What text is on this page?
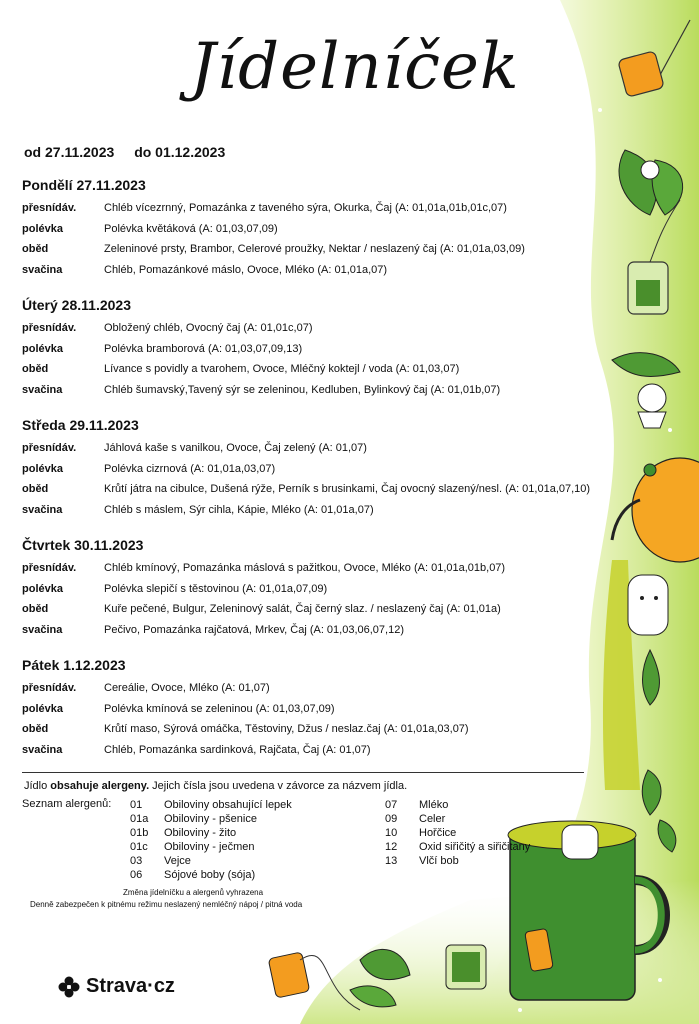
Jídelníček
od 27.11.2023 do 01.12.2023
Pondělí 27.11.2023
přesnídáv.	Chléb vícezrnný, Pomazánka z taveného sýra, Okurka, Čaj (A: 01,01a,01b,01c,07)
polévka	Polévka květáková (A: 01,03,07,09)
oběd	Zeleninové prsty, Brambor, Celerové proužky, Nektar / neslazený čaj (A: 01,01a,03,09)
svačina	Chléb, Pomazánkové máslo, Ovoce, Mléko (A: 01,01a,07)
Úterý 28.11.2023
přesnídáv.	Obložený chléb, Ovocný čaj (A: 01,01c,07)
polévka	Polévka bramborová (A: 01,03,07,09,13)
oběd	Lívance s povidly a tvarohem, Ovoce, Mléčný koktejl / voda (A: 01,03,07)
svačina	Chléb šumavský,Tavený sýr se zeleninou, Kedluben, Bylinkový čaj (A: 01,01b,07)
Středa 29.11.2023
přesnídáv.	Jáhlová kaše s vanilkou, Ovoce, Čaj zelený (A: 01,07)
polévka	Polévka cizrnová (A: 01,01a,03,07)
oběd	Krůtí játra na cibulce, Dušená rýže, Perník s brusinkami, Čaj ovocný slazený/nesl. (A: 01,01a,07,10)
svačina	Chléb s máslem, Sýr cihla, Kápie, Mléko (A: 01,01a,07)
Čtvrtek 30.11.2023
přesnídáv.	Chléb kmínový, Pomazánka máslová s pažitkou, Ovoce, Mléko (A: 01,01a,01b,07)
polévka	Polévka slepičí s těstovinou (A: 01,01a,07,09)
oběd	Kuře pečené, Bulgur, Zeleninový salát, Čaj černý slaz. / neslazený čaj (A: 01,01a)
svačina	Pečivo, Pomazánka rajčatová, Mrkev, Čaj (A: 01,03,06,07,12)
Pátek 1.12.2023
přesnídáv.	Cereálie, Ovoce, Mléko (A: 01,07)
polévka	Polévka kmínová se zeleninou (A: 01,03,07,09)
oběd	Krůtí maso, Sýrová omáčka, Těstoviny, Džus / neslaz.čaj (A: 01,01a,03,07)
svačina	Chléb, Pomazánka sardinková, Rajčata, Čaj (A: 01,07)
Jídlo obsahuje alergeny. Jejich čísla jsou uvedena v závorce za názvem jídla.
Seznam alergenů: 01	Obiloviny obsahující lepek
01a	Obiloviny - pšenice
01b	Obiloviny - žito
01c	Obiloviny - ječmen
03	Vejce
06	Sójové boby (sója)
07	Mléko
09	Celer
10	Hořčice
12	Oxid siřičitý a siřičitany
13	Vlčí bob
Změna jídelníčku a alergenů vyhrazena
Denně zabezpečen k pitnému režimu neslazený nemléčný nápoj / pitná voda
Strava·cz
